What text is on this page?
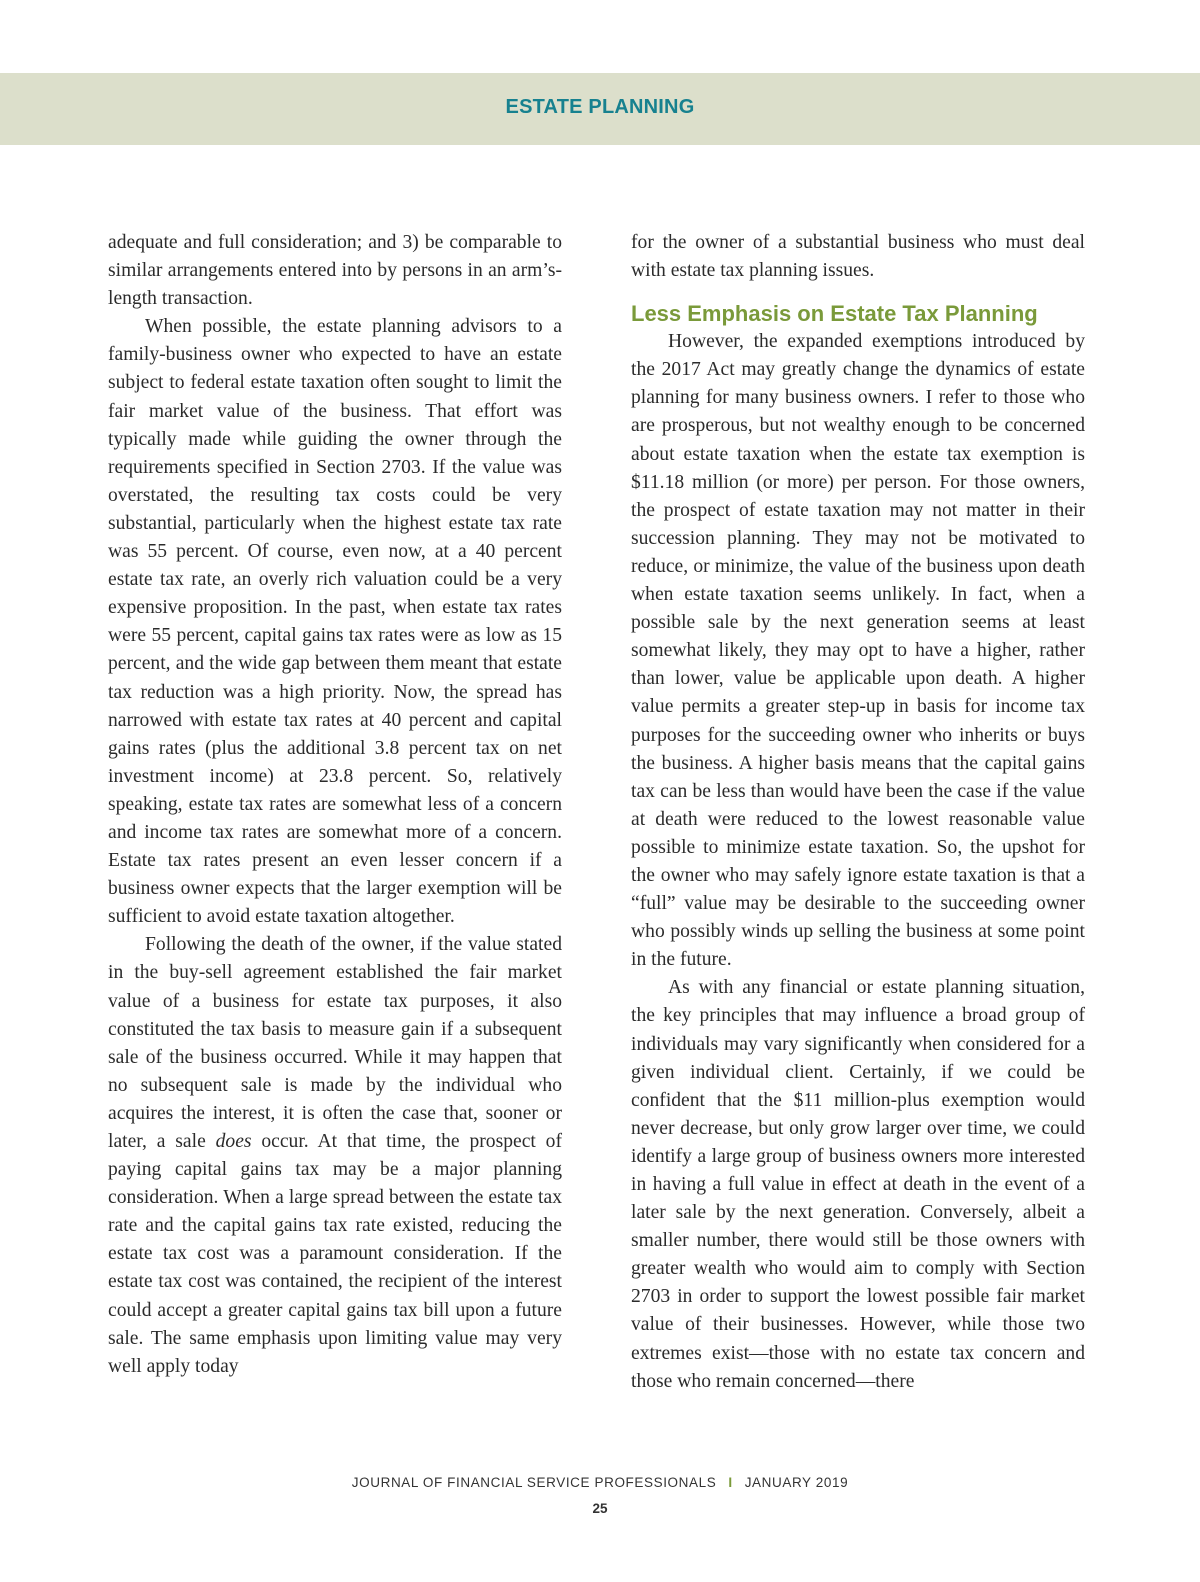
ESTATE PLANNING

adequate and full consideration; and 3) be comparable to similar arrangements entered into by persons in an arm’s-length transaction.

When possible, the estate planning advisors to a family-business owner who expected to have an estate subject to federal estate taxation often sought to limit the fair market value of the business. That effort was typically made while guiding the owner through the requirements specified in Section 2703. If the value was overstated, the resulting tax costs could be very substantial, particularly when the highest estate tax rate was 55 percent. Of course, even now, at a 40 percent estate tax rate, an overly rich valuation could be a very expensive proposition. In the past, when estate tax rates were 55 percent, capital gains tax rates were as low as 15 percent, and the wide gap between them meant that estate tax reduction was a high priority. Now, the spread has narrowed with estate tax rates at 40 percent and capital gains rates (plus the additional 3.8 percent tax on net investment income) at 23.8 percent. So, relatively speaking, estate tax rates are somewhat less of a concern and income tax rates are somewhat more of a concern. Estate tax rates present an even lesser concern if a business owner expects that the larger exemption will be sufficient to avoid estate taxation altogether.

Following the death of the owner, if the value stated in the buy-sell agreement established the fair market value of a business for estate tax purposes, it also constituted the tax basis to measure gain if a subsequent sale of the business occurred. While it may happen that no subsequent sale is made by the individual who acquires the interest, it is often the case that, sooner or later, a sale does occur. At that time, the prospect of paying capital gains tax may be a major planning consideration. When a large spread between the estate tax rate and the capital gains tax rate existed, reducing the estate tax cost was a paramount consideration. If the estate tax cost was contained, the recipient of the interest could accept a greater capital gains tax bill upon a future sale. The same emphasis upon limiting value may very well apply today

for the owner of a substantial business who must deal with estate tax planning issues.

Less Emphasis on Estate Tax Planning

However, the expanded exemptions introduced by the 2017 Act may greatly change the dynamics of estate planning for many business owners. I refer to those who are prosperous, but not wealthy enough to be concerned about estate taxation when the estate tax exemption is $11.18 million (or more) per person. For those owners, the prospect of estate taxation may not matter in their succession planning. They may not be motivated to reduce, or minimize, the value of the business upon death when estate taxation seems unlikely. In fact, when a possible sale by the next generation seems at least somewhat likely, they may opt to have a higher, rather than lower, value be applicable upon death. A higher value permits a greater step-up in basis for income tax purposes for the succeeding owner who inherits or buys the business. A higher basis means that the capital gains tax can be less than would have been the case if the value at death were reduced to the lowest reasonable value possible to minimize estate taxation. So, the upshot for the owner who may safely ignore estate taxation is that a “full” value may be desirable to the succeeding owner who possibly winds up selling the business at some point in the future.

As with any financial or estate planning situation, the key principles that may influence a broad group of individuals may vary significantly when considered for a given individual client. Certainly, if we could be confident that the $11 million-plus exemption would never decrease, but only grow larger over time, we could identify a large group of business owners more interested in having a full value in effect at death in the event of a later sale by the next generation. Conversely, albeit a smaller number, there would still be those owners with greater wealth who would aim to comply with Section 2703 in order to support the lowest possible fair market value of their businesses. However, while those two extremes exist—those with no estate tax concern and those who remain concerned—there

JOURNAL OF FINANCIAL SERVICE PROFESSIONALS I JANUARY 2019
25
